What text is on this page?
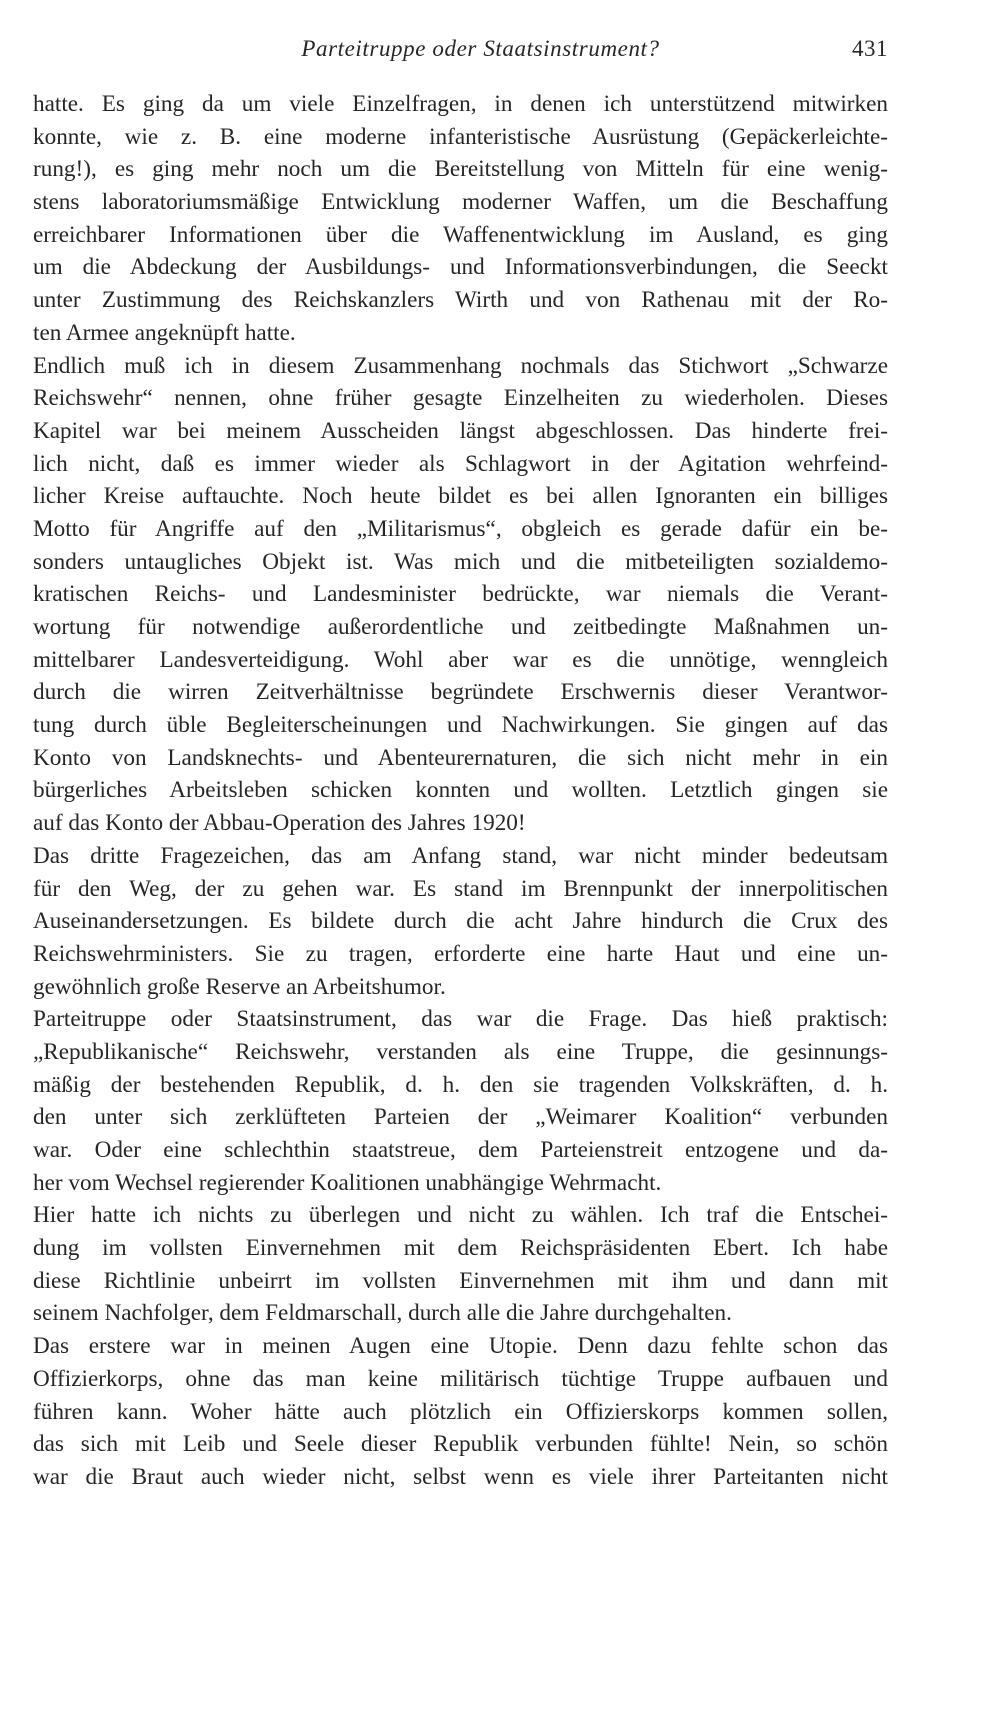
Parteitruppe oder Staatsinstrument?	431
hatte. Es ging da um viele Einzelfragen, in denen ich unterstützend mitwirken
konnte, wie z. B. eine moderne infanteristische Ausrüstung (Gepäckerleichte-
rung!), es ging mehr noch um die Bereitstellung von Mitteln für eine wenig-
stens laboratoriumsmäßige Entwicklung moderner Waffen, um die Beschaffung
erreichbarer Informationen über die Waffenentwicklung im Ausland, es ging
um die Abdeckung der Ausbildungs- und Informationsverbindungen, die Seeckt
unter Zustimmung des Reichskanzlers Wirth und von Rathenau mit der Ro-
ten Armee angeknüpft hatte.
Endlich muß ich in diesem Zusammenhang nochmals das Stichwort „Schwarze
Reichswehr“ nennen, ohne früher gesagte Einzelheiten zu wiederholen. Dieses
Kapitel war bei meinem Ausscheiden längst abgeschlossen. Das hinderte frei-
lich nicht, daß es immer wieder als Schlagwort in der Agitation wehrfeind-
licher Kreise auftauchte. Noch heute bildet es bei allen Ignoranten ein billiges
Motto für Angriffe auf den „Militarismus“, obgleich es gerade dafür ein be-
sonders untaugliches Objekt ist. Was mich und die mitbeteiligten sozialdemo-
kratischen Reichs- und Landesminister bedrückte, war niemals die Verant-
wortung für notwendige außerordentliche und zeitbedingte Maßnahmen un-
mittelbarer Landesverteidigung. Wohl aber war es die unnötige, wenngleich
durch die wirren Zeitverhältnisse begründete Erschwernis dieser Verantwor-
tung durch üble Begleiterscheinungen und Nachwirkungen. Sie gingen auf das
Konto von Landsknechts- und Abenteurernaturen, die sich nicht mehr in ein
bürgerliches Arbeitsleben schicken konnten und wollten. Letztlich gingen sie
auf das Konto der Abbau-Operation des Jahres 1920!
Das dritte Fragezeichen, das am Anfang stand, war nicht minder bedeutsam
für den Weg, der zu gehen war. Es stand im Brennpunkt der innerpolitischen
Auseinandersetzungen. Es bildete durch die acht Jahre hindurch die Crux des
Reichswehrministers. Sie zu tragen, erforderte eine harte Haut und eine un-
gewöhnlich große Reserve an Arbeitshumor.
Parteitruppe oder Staatsinstrument, das war die Frage. Das hieß praktisch:
„Republikanische“ Reichswehr, verstanden als eine Truppe, die gesinnungs-
mäßig der bestehenden Republik, d. h. den sie tragenden Volkskräften, d. h.
den unter sich zerklüfteten Parteien der „Weimarer Koalition“ verbunden
war. Oder eine schlechthin staatstreue, dem Parteienstreit entzogene und da-
her vom Wechsel regierender Koalitionen unabhängige Wehrmacht.
Hier hatte ich nichts zu überlegen und nicht zu wählen. Ich traf die Entschei-
dung im vollsten Einvernehmen mit dem Reichspräsidenten Ebert. Ich habe
diese Richtlinie unbeirrt im vollsten Einvernehmen mit ihm und dann mit
seinem Nachfolger, dem Feldmarschall, durch alle die Jahre durchgehalten.
Das erstere war in meinen Augen eine Utopie. Denn dazu fehlte schon das
Offizierkorps, ohne das man keine militärisch tüchtige Truppe aufbauen und
führen kann. Woher hätte auch plötzlich ein Offizierskorps kommen sollen,
das sich mit Leib und Seele dieser Republik verbunden fühlte! Nein, so schön
war die Braut auch wieder nicht, selbst wenn es viele ihrer Parteitanten nicht
